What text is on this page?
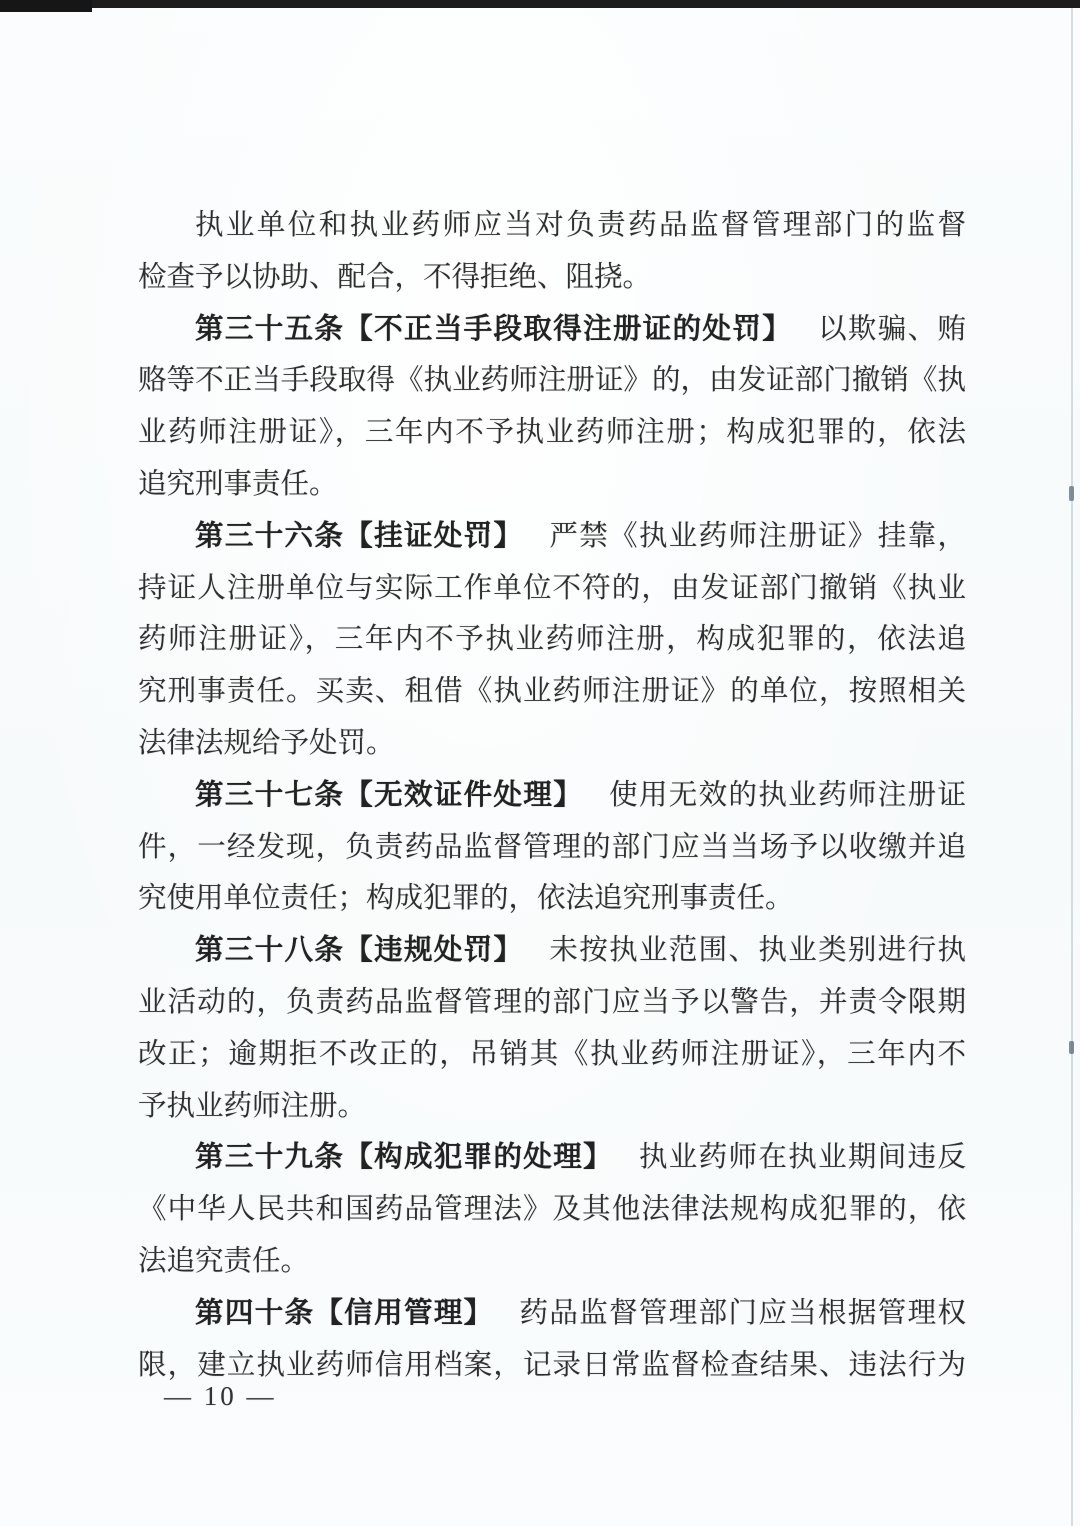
执业单位和执业药师应当对负责药品监督管理部门的监督
检查予以协助、配合，不得拒绝、阻挠。
第三十五条【不正当手段取得注册证的处罚】 以欺骗、贿
赂等不正当手段取得《执业药师注册证》的，由发证部门撤销《执
业药师注册证》，三年内不予执业药师注册；构成犯罪的，依法
追究刑事责任。
第三十六条【挂证处罚】 严禁《执业药师注册证》挂靠，
持证人注册单位与实际工作单位不符的，由发证部门撤销《执业
药师注册证》，三年内不予执业药师注册，构成犯罪的，依法追
究刑事责任。买卖、租借《执业药师注册证》的单位，按照相关
法律法规给予处罚。
第三十七条【无效证件处理】 使用无效的执业药师注册证
件，一经发现，负责药品监督管理的部门应当当场予以收缴并追
究使用单位责任；构成犯罪的，依法追究刑事责任。
第三十八条【违规处罚】 未按执业范围、执业类别进行执
业活动的，负责药品监督管理的部门应当予以警告，并责令限期
改正；逾期拒不改正的，吊销其《执业药师注册证》，三年内不
予执业药师注册。
第三十九条【构成犯罪的处理】 执业药师在执业期间违反
《中华人民共和国药品管理法》及其他法律法规构成犯罪的，依
法追究责任。
第四十条【信用管理】 药品监督管理部门应当根据管理权
限，建立执业药师信用档案，记录日常监督检查结果、违法行为
— 10 —
